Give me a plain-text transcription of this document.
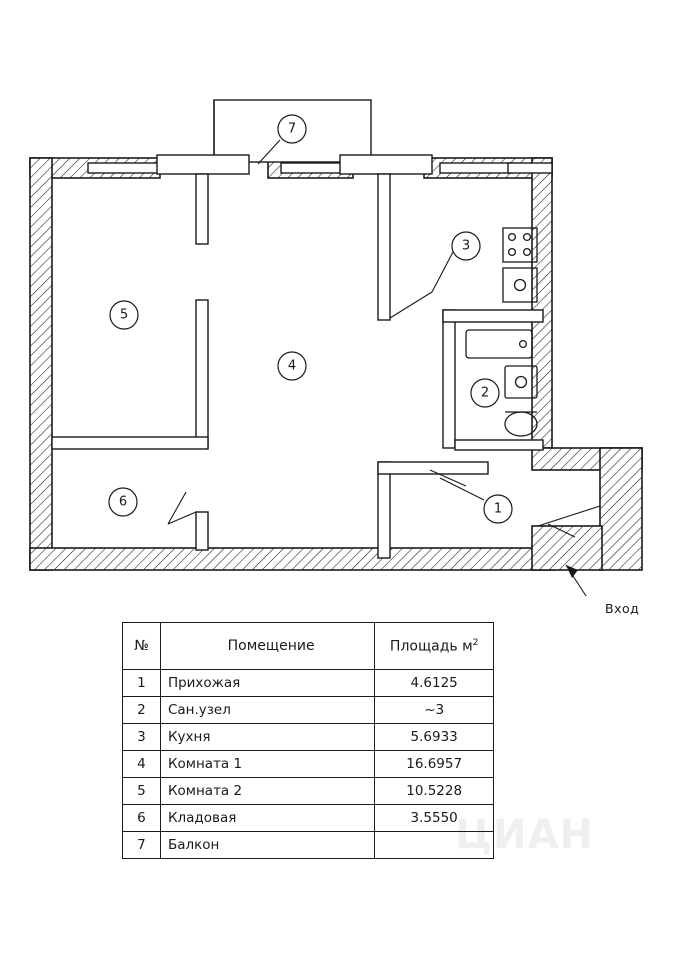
1
2
3
4
5
6
7
Вход
ЦИАН
№	Помещение	Площадь $м^2$
1	Прихожая	4.6125
2	Сан.узел	~3
3	Кухня	5.6933
4	Комната 1	16.6957
5	Комната 2	10.5228
6	Кладовая	3.5550
7	Балкон	
